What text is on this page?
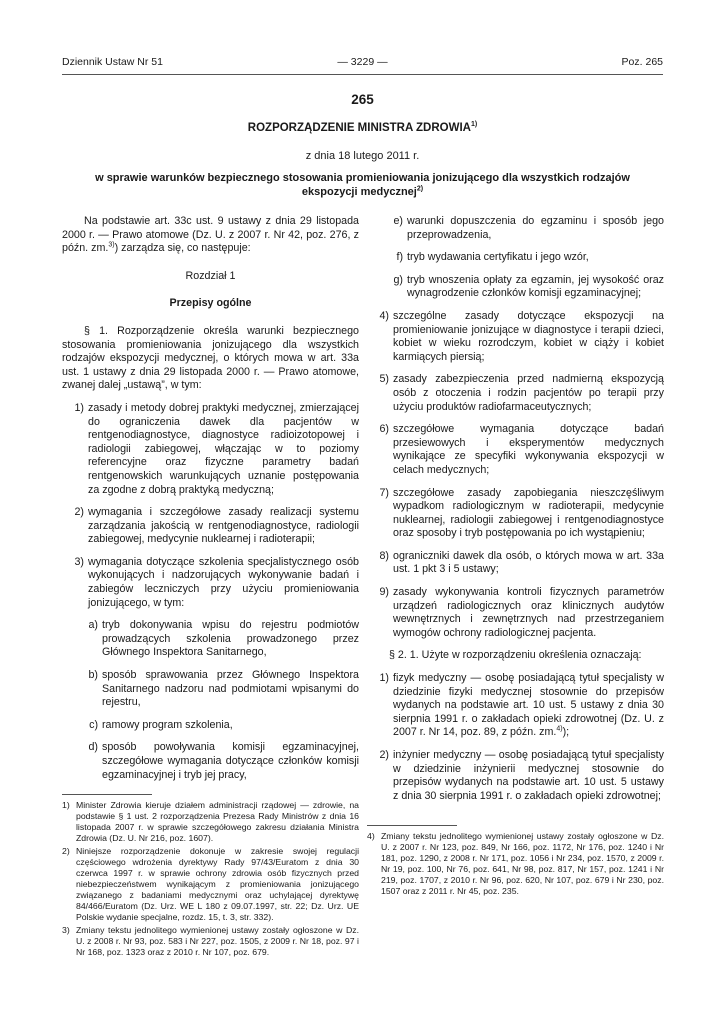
Dziennik Ustaw Nr 51	— 3229 —	Poz. 265
265
ROZPORZĄDZENIE MINISTRA ZDROWIA$^{1)}$
z dnia 18 lutego 2011 r.
w sprawie warunków bezpiecznego stosowania promieniowania jonizującego dla wszystkich rodzajów ekspozycji medycznej$^{2)}$

Na podstawie art. 33c ust. 9 ustawy z dnia 29 listopada 2000 r. — Prawo atomowe (Dz. U. z 2007 r. Nr 42, poz. 276, z późn. zm.$^{3)}$) zarządza się, co następuje:

Rozdział 1

Przepisy ogólne

§ 1. Rozporządzenie określa warunki bezpiecznego stosowania promieniowania jonizującego dla wszystkich rodzajów ekspozycji medycznej, o których mowa w art. 33a ust. 1 ustawy z dnia 29 listopada 2000 r. — Prawo atomowe, zwanej dalej „ustawą”, w tym:

1) zasady i metody dobrej praktyki medycznej, zmierzającej do ograniczenia dawek dla pacjentów w rentgenodiagnostyce, diagnostyce radioizotopowej i radiologii zabiegowej, włączając w to poziomy referencyjne oraz fizyczne parametry badań rentgenowskich warunkujących uznanie postępowania za zgodne z dobrą praktyką medyczną;
2) wymagania i szczegółowe zasady realizacji systemu zarządzania jakością w rentgenodiagnostyce, radiologii zabiegowej, medycynie nuklearnej i radioterapii;
3) wymagania dotyczące szkolenia specjalistycznego osób wykonujących i nadzorujących wykonywanie badań i zabiegów leczniczych przy użyciu promieniowania jonizującego, w tym:
a) tryb dokonywania wpisu do rejestru podmiotów prowadzących szkolenia prowadzonego przez Głównego Inspektora Sanitarnego,
b) sposób sprawowania przez Głównego Inspektora Sanitarnego nadzoru nad podmiotami wpisanymi do rejestru,
c) ramowy program szkolenia,
d) sposób powoływania komisji egzaminacyjnej, szczegółowe wymagania dotyczące członków komisji egzaminacyjnej i tryb jej pracy,
1) Minister Zdrowia kieruje działem administracji rządowej — zdrowie, na podstawie § 1 ust. 2 rozporządzenia Prezesa Rady Ministrów z dnia 16 listopada 2007 r. w sprawie szczegółowego zakresu działania Ministra Zdrowia (Dz. U. Nr 216, poz. 1607).
2) Niniejsze rozporządzenie dokonuje w zakresie swojej regulacji częściowego wdrożenia dyrektywy Rady 97/43/Euratom z dnia 30 czerwca 1997 r. w sprawie ochrony zdrowia osób fizycznych przed niebezpieczeństwem wynikającym z promieniowania jonizującego związanego z badaniami medycznymi oraz uchylającej dyrektywę 84/466/Euratom (Dz. Urz. WE L 180 z 09.07.1997, str. 22; Dz. Urz. UE Polskie wydanie specjalne, rozdz. 15, t. 3, str. 332).
3) Zmiany tekstu jednolitego wymienionej ustawy zostały ogłoszone w Dz. U. z 2008 r. Nr 93, poz. 583 i Nr 227, poz. 1505, z 2009 r. Nr 18, poz. 97 i Nr 168, poz. 1323 oraz z 2010 r. Nr 107, poz. 679.
e) warunki dopuszczenia do egzaminu i sposób jego przeprowadzenia,
f) tryb wydawania certyfikatu i jego wzór,
g) tryb wnoszenia opłaty za egzamin, jej wysokość oraz wynagrodzenie członków komisji egzaminacyjnej;
4) szczególne zasady dotyczące ekspozycji na promieniowanie jonizujące w diagnostyce i terapii dzieci, kobiet w wieku rozrodczym, kobiet w ciąży i kobiet karmiących piersią;
5) zasady zabezpieczenia przed nadmierną ekspozycją osób z otoczenia i rodzin pacjentów po terapii przy użyciu produktów radiofarmaceutycznych;
6) szczegółowe wymagania dotyczące badań przesiewowych i eksperymentów medycznych wynikające ze specyfiki wykonywania ekspozycji w celach medycznych;
7) szczegółowe zasady zapobiegania nieszczęśliwym wypadkom radiologicznym w radioterapii, medycynie nuklearnej, radiologii zabiegowej i rentgenodiagnostyce oraz sposoby i tryb postępowania po ich wystąpieniu;
8) ograniczniki dawek dla osób, o których mowa w art. 33a ust. 1 pkt 3 i 5 ustawy;
9) zasady wykonywania kontroli fizycznych parametrów urządzeń radiologicznych oraz klinicznych audytów wewnętrznych i zewnętrznych nad przestrzeganiem wymogów ochrony radiologicznej pacjenta.

§ 2. 1. Użyte w rozporządzeniu określenia oznaczają:

1) fizyk medyczny — osobę posiadającą tytuł specjalisty w dziedzinie fizyki medycznej stosownie do przepisów wydanych na podstawie art. 10 ust. 5 ustawy z dnia 30 sierpnia 1991 r. o zakładach opieki zdrowotnej (Dz. U. z 2007 r. Nr 14, poz. 89, z późn. zm.$^{4)}$);
2) inżynier medyczny — osobę posiadającą tytuł specjalisty w dziedzinie inżynierii medycznej stosownie do przepisów wydanych na podstawie art. 10 ust. 5 ustawy z dnia 30 sierpnia 1991 r. o zakładach opieki zdrowotnej;
4) Zmiany tekstu jednolitego wymienionej ustawy zostały ogłoszone w Dz. U. z 2007 r. Nr 123, poz. 849, Nr 166, poz. 1172, Nr 176, poz. 1240 i Nr 181, poz. 1290, z 2008 r. Nr 171, poz. 1056 i Nr 234, poz. 1570, z 2009 r. Nr 19, poz. 100, Nr 76, poz. 641, Nr 98, poz. 817, Nr 157, poz. 1241 i Nr 219, poz. 1707, z 2010 r. Nr 96, poz. 620, Nr 107, poz. 679 i Nr 230, poz. 1507 oraz z 2011 r. Nr 45, poz. 235.
